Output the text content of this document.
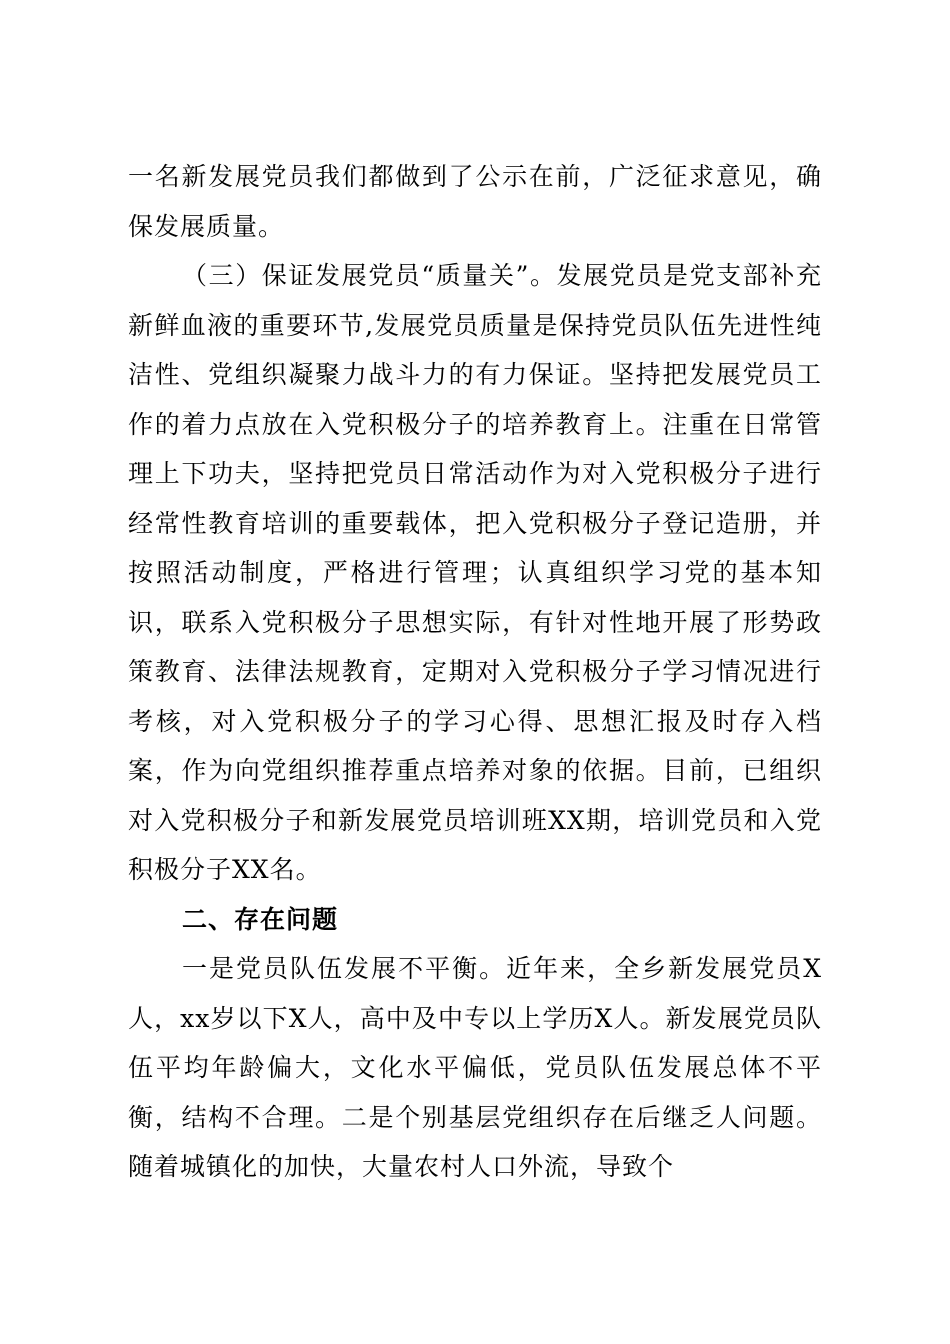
一名新发展党员我们都做到了公示在前，广泛征求意见，确保发展质量。

（三）保证发展党员“质量关”。发展党员是党支部补充新鲜血液的重要环节,发展党员质量是保持党员队伍先进性纯洁性、党组织凝聚力战斗力的有力保证。坚持把发展党员工作的着力点放在入党积极分子的培养教育上。注重在日常管理上下功夫，坚持把党员日常活动作为对入党积极分子进行经常性教育培训的重要载体，把入党积极分子登记造册，并按照活动制度，严格进行管理；认真组织学习党的基本知识，联系入党积极分子思想实际，有针对性地开展了形势政策教育、法律法规教育，定期对入党积极分子学习情况进行考核，对入党积极分子的学习心得、思想汇报及时存入档案，作为向党组织推荐重点培养对象的依据。目前，已组织对入党积极分子和新发展党员培训班XX期，培训党员和入党积极分子XX名。

二、存在问题

一是党员队伍发展不平衡。近年来，全乡新发展党员X人，xx岁以下X人，高中及中专以上学历X人。新发展党员队伍平均年龄偏大，文化水平偏低，党员队伍发展总体不平衡，结构不合理。二是个别基层党组织存在后继乏人问题。随着城镇化的加快，大量农村人口外流，导致个
